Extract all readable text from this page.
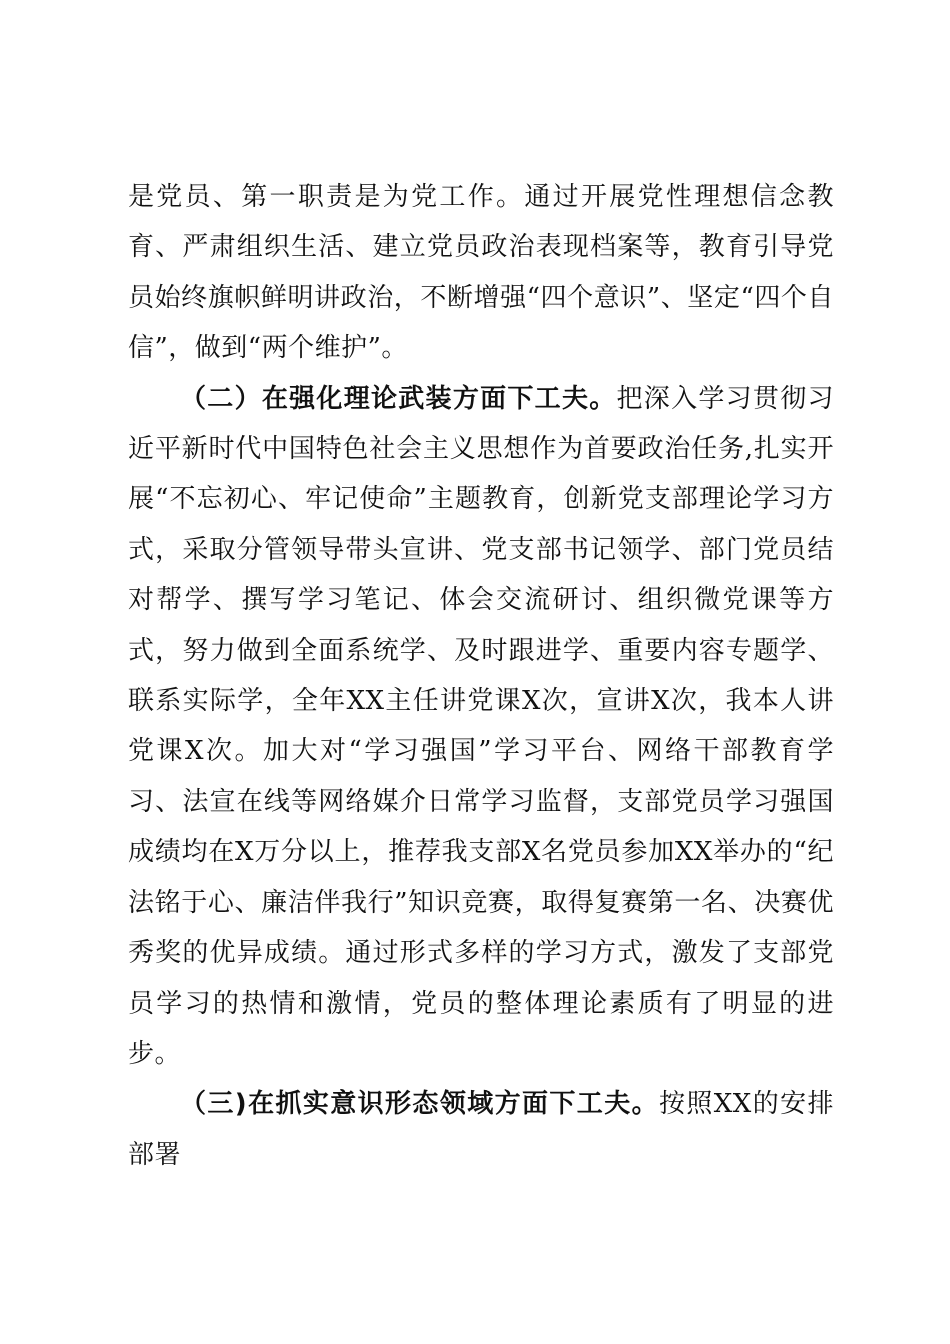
是党员、第一职责是为党工作。通过开展党性理想信念教育、严肃组织生活、建立党员政治表现档案等，教育引导党员始终旗帜鲜明讲政治，不断增强“四个意识”、坚定“四个自信”，做到“两个维护”。

（二）在强化理论武装方面下工夫。把深入学习贯彻习近平新时代中国特色社会主义思想作为首要政治任务,扎实开展“不忘初心、牢记使命”主题教育，创新党支部理论学习方式，采取分管领导带头宣讲、党支部书记领学、部门党员结对帮学、撰写学习笔记、体会交流研讨、组织微党课等方式，努力做到全面系统学、及时跟进学、重要内容专题学、联系实际学，全年XX主任讲党课X次，宣讲X次，我本人讲党课X次。加大对“学习强国”学习平台、网络干部教育学习、法宣在线等网络媒介日常学习监督，支部党员学习强国成绩均在X万分以上，推荐我支部X名党员参加XX举办的“纪法铭于心、廉洁伴我行”知识竞赛，取得复赛第一名、决赛优秀奖的优异成绩。通过形式多样的学习方式，激发了支部党员学习的热情和激情，党员的整体理论素质有了明显的进步。

（三)在抓实意识形态领域方面下工夫。按照XX的安排部署
